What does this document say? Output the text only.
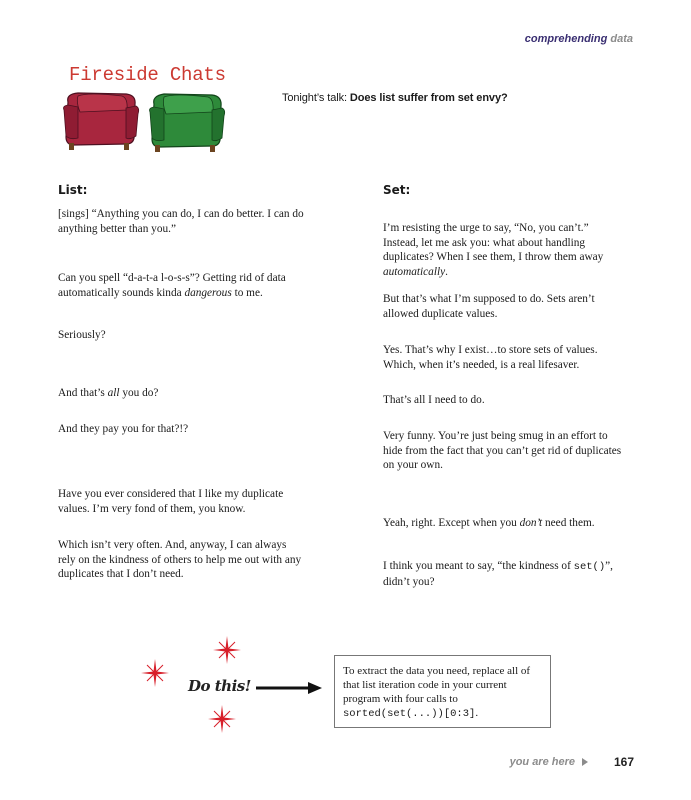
comprehending data
Fireside Chats
Tonight’s talk: Does list suffer from set envy?
List:	Set:
[sings] “Anything you can do, I can do better. I can do anything better than you.”
Can you spell “d-a-t-a l-o-s-s”? Getting rid of data automatically sounds kinda dangerous to me.
Seriously?
And that’s all you do?
And they pay you for that?!?
Have you ever considered that I like my duplicate values. I’m very fond of them, you know.
Which isn’t very often. And, anyway, I can always rely on the kindness of others to help me out with any duplicates that I don’t need.
I’m resisting the urge to say, “No, you can’t.” Instead, let me ask you: what about handling duplicates? When I see them, I throw them away automatically.
But that’s what I’m supposed to do. Sets aren’t allowed duplicate values.
Yes. That’s why I exist…to store sets of values. Which, when it’s needed, is a real lifesaver.
That’s all I need to do.
Very funny. You’re just being smug in an effort to hide from the fact that you can’t get rid of duplicates on your own.
Yeah, right. Except when you don’t need them.
I think you meant to say, “the kindness of set()”, didn’t you?
Do this!
To extract the data you need, replace all of that list iteration code in your current program with four calls to sorted(set(...))[0:3].
you are here	167
